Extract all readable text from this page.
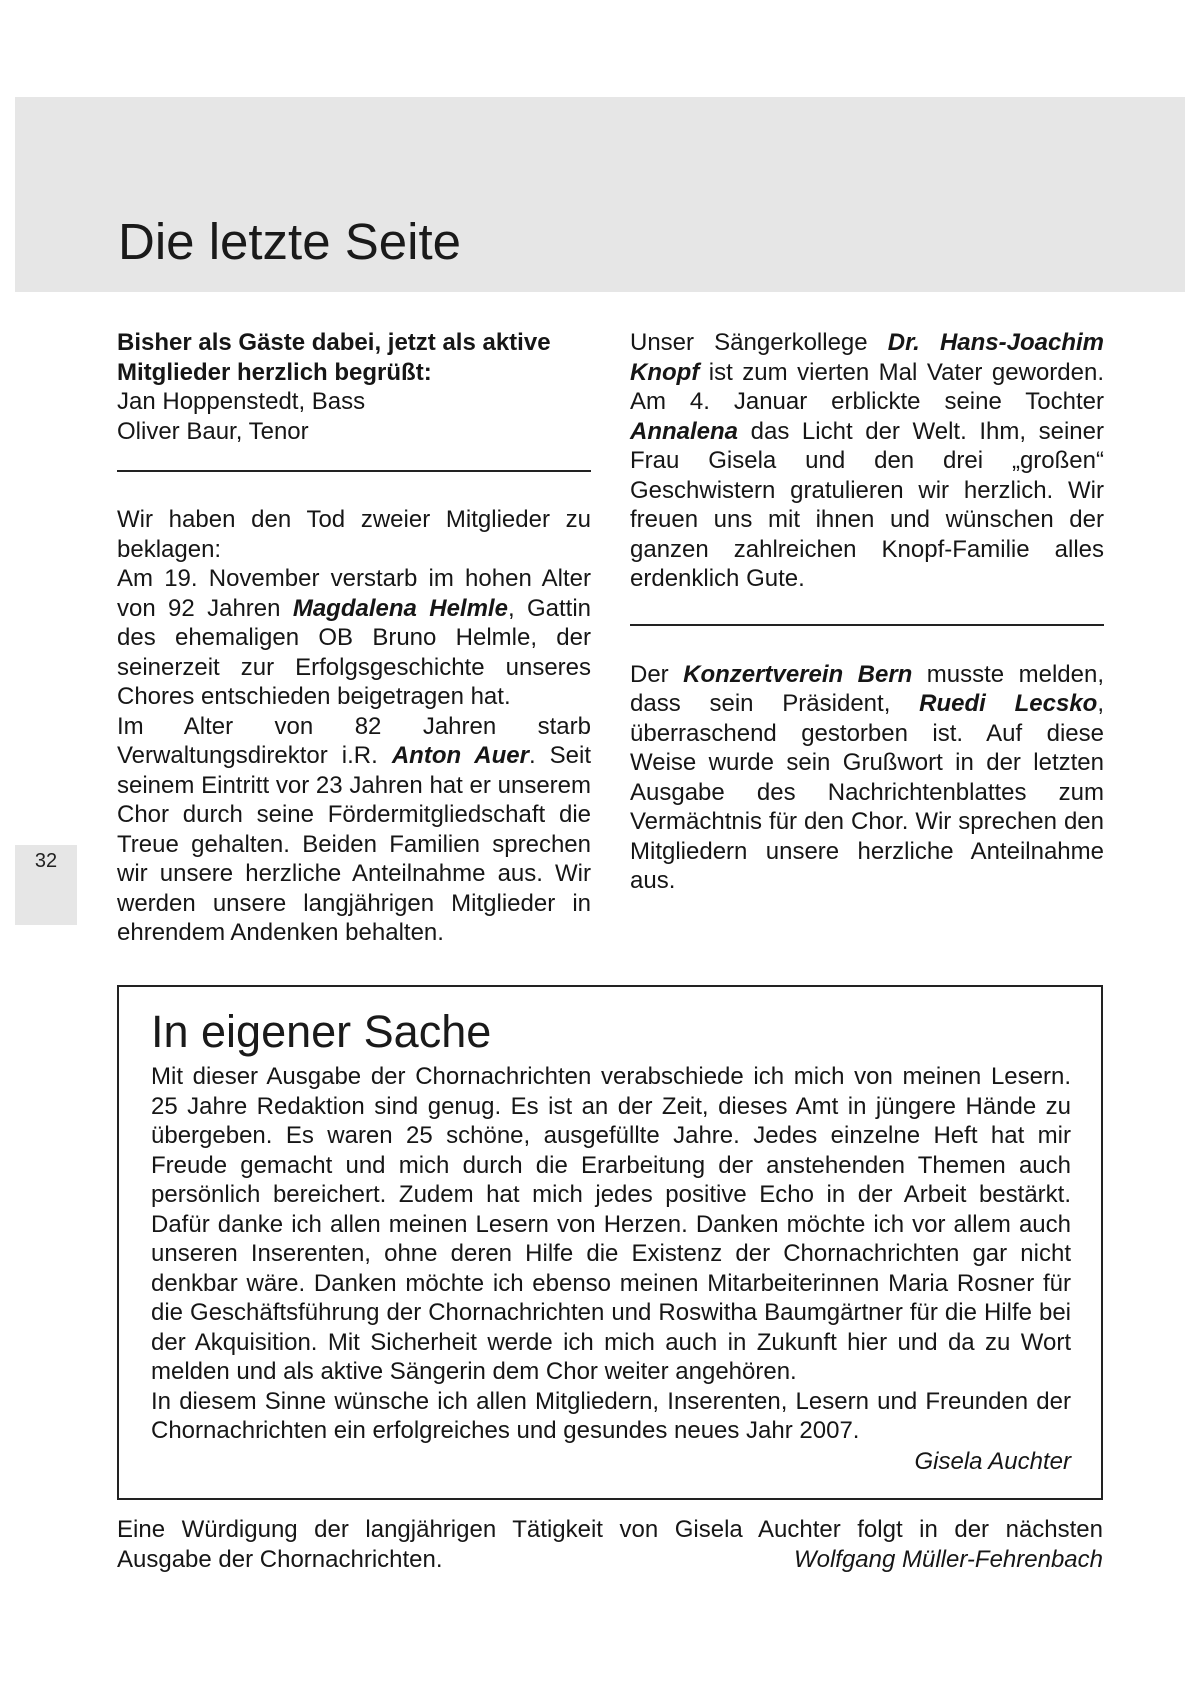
Die letzte Seite
32
Bisher als Gäste dabei, jetzt als aktive
Mitglieder herzlich begrüßt:
Jan Hoppenstedt, Bass
Oliver Baur, Tenor

Wir haben den Tod zweier Mitglieder zu beklagen:

Am 19. November verstarb im hohen Alter von 92 Jahren Magdalena Helmle, Gattin des ehemaligen OB Bruno Helmle, der seinerzeit zur Erfolgsgeschichte unseres Chores entschieden beigetragen hat.

Im Alter von 82 Jahren starb Verwaltungsdirektor i.R. Anton Auer. Seit seinem Eintritt vor 23 Jahren hat er unserem Chor durch seine Fördermitgliedschaft die Treue gehalten. Beiden Familien sprechen wir unsere herzliche Anteilnahme aus. Wir werden unsere langjährigen Mitglieder in ehrendem Andenken behalten.

Unser Sängerkollege Dr. Hans-Joachim Knopf ist zum vierten Mal Vater geworden. Am 4. Januar erblickte seine Tochter Annalena das Licht der Welt. Ihm, seiner Frau Gisela und den drei „großen“ Geschwistern gratulieren wir herzlich. Wir freuen uns mit ihnen und wünschen der ganzen zahlreichen Knopf-Familie alles erdenklich Gute.

Der Konzertverein Bern musste melden, dass sein Präsident, Ruedi Lecsko, überraschend gestorben ist. Auf diese Weise wurde sein Grußwort in der letzten Ausgabe des Nachrichtenblattes zum Vermächtnis für den Chor. Wir sprechen den Mitgliedern unsere herzliche Anteilnahme aus.

In eigener Sache

Mit dieser Ausgabe der Chornachrichten verabschiede ich mich von meinen Lesern. 25 Jahre Redaktion sind genug. Es ist an der Zeit, dieses Amt in jüngere Hände zu übergeben. Es waren 25 schöne, ausgefüllte Jahre. Jedes einzelne Heft hat mir Freude gemacht und mich durch die Erarbeitung der anstehenden Themen auch persönlich bereichert. Zudem hat mich jedes positive Echo in der Arbeit bestärkt. Dafür danke ich allen meinen Lesern von Herzen. Danken möchte ich vor allem auch unseren Inserenten, ohne deren Hilfe die Existenz der Chornachrichten gar nicht denkbar wäre. Danken möchte ich ebenso meinen Mitarbeiterinnen Maria Rosner für die Geschäftsführung der Chornachrichten und Roswitha Baumgärtner für die Hilfe bei der Akquisition. Mit Sicherheit werde ich mich auch in Zukunft hier und da zu Wort melden und als aktive Sängerin dem Chor weiter angehören.

In diesem Sinne wünsche ich allen Mitgliedern, Inserenten, Lesern und Freunden der Chornachrichten ein erfolgreiches und gesundes neues Jahr 2007.

Gisela Auchter
Eine Würdigung der langjährigen Tätigkeit von Gisela Auchter folgt in der nächsten
Ausgabe der Chornachrichten.	Wolfgang Müller-Fehrenbach
